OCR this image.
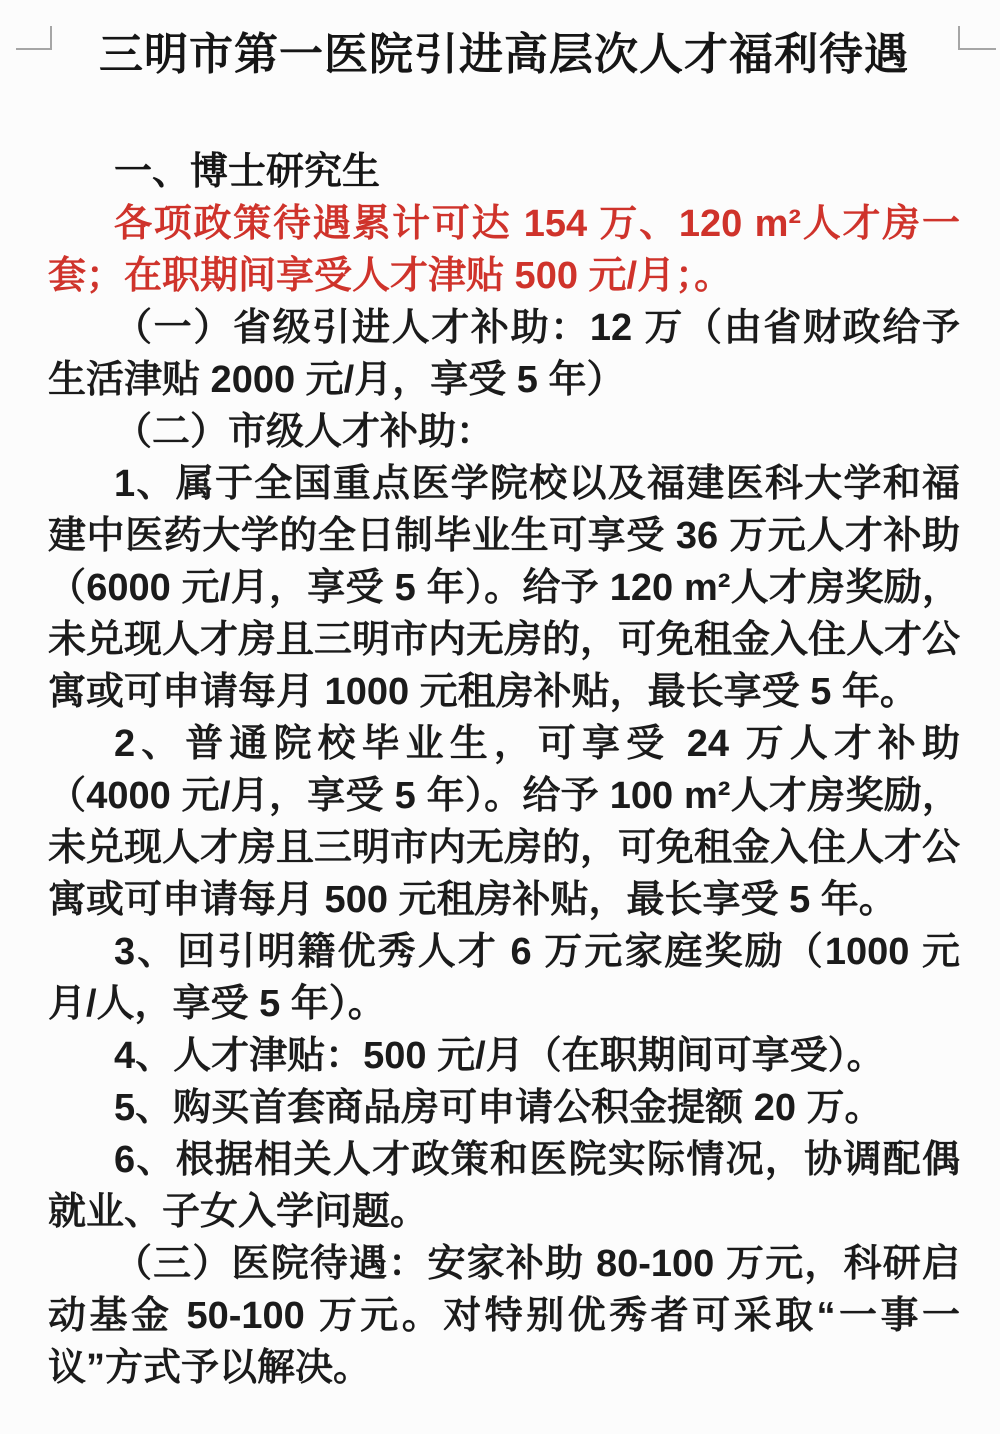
三明市第一医院引进高层次人才福利待遇
一、博士研究生

各项政策待遇累计可达 154 万、120 m²人才房一套；在职期间享受人才津贴 500 元/月；。

（一）省级引进人才补助：12 万（由省财政给予生活津贴 2000 元/月，享受 5 年）

（二）市级人才补助：

1、属于全国重点医学院校以及福建医科大学和福建中医药大学的全日制毕业生可享受 36 万元人才补助（6000 元/月，享受 5 年）。给予 120 m²人才房奖励，未兑现人才房且三明市内无房的，可免租金入住人才公寓或可申请每月 1000 元租房补贴，最长享受 5 年。

2、普通院校毕业生，可享受 24 万人才补助（4000 元/月，享受 5 年）。给予 100 m²人才房奖励，未兑现人才房且三明市内无房的，可免租金入住人才公寓或可申请每月 500 元租房补贴，最长享受 5 年。

3、回引明籍优秀人才 6 万元家庭奖励（1000 元月/人，享受 5 年）。

4、人才津贴：500 元/月（在职期间可享受）。

5、购买首套商品房可申请公积金提额 20 万。

6、根据相关人才政策和医院实际情况，协调配偶就业、子女入学问题。

（三）医院待遇：安家补助 80-100 万元，科研启动基金 50-100 万元。对特别优秀者可采取“一事一议”方式予以解决。
